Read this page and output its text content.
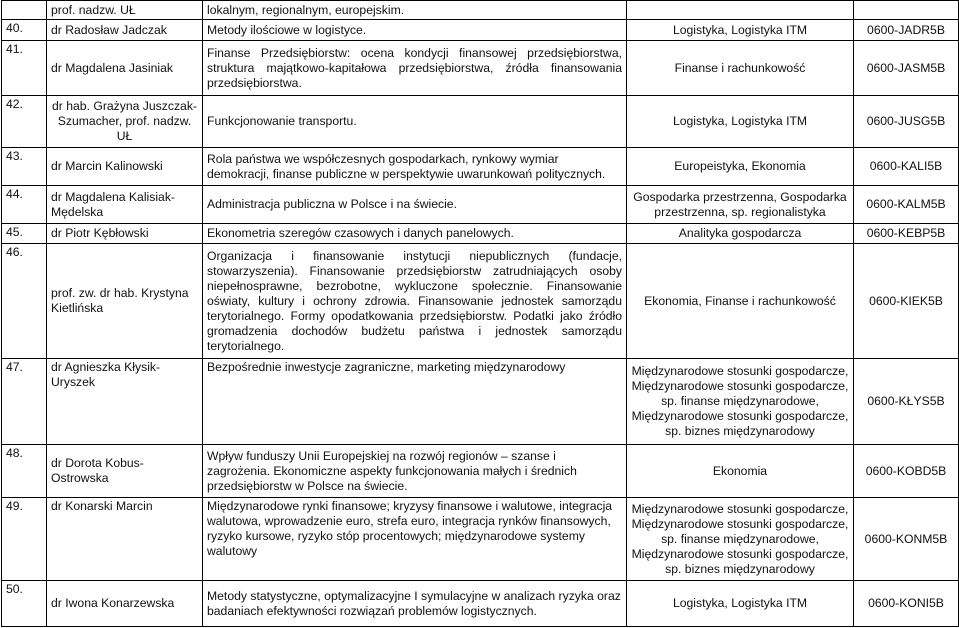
	prof. nadzw. UŁ	lokalnym, regionalnym, europejskim.		
40.	dr Radosław Jadczak	Metody ilościowe w logistyce.	Logistyka, Logistyka ITM	0600-JADR5B
41.	dr Magdalena Jasiniak	Finanse Przedsiębiorstw: ocena kondycji finansowej przedsiębiorstwa, struktura majątkowo-kapitałowa przedsiębiorstwa, źródła finansowania przedsiębiorstwa.	Finanse i rachunkowość	0600-JASM5B
42.	dr hab. Grażyna Juszczak-Szumacher, prof. nadzw. UŁ	Funkcjonowanie transportu.	Logistyka, Logistyka ITM	0600-JUSG5B
43.	dr Marcin Kalinowski	Rola państwa we współczesnych gospodarkach, rynkowy wymiar demokracji, finanse publiczne w perspektywie uwarunkowań politycznych.	Europeistyka, Ekonomia	0600-KALI5B
44.	dr Magdalena Kalisiak-Mędelska	Administracja publiczna w Polsce i na świecie.	Gospodarka przestrzenna, Gospodarka przestrzenna, sp. regionalistyka	0600-KALM5B
45.	dr Piotr Kębłowski	Ekonometria szeregów czasowych i danych panelowych.	Analityka gospodarcza	0600-KEBP5B
46.	prof. zw. dr hab. Krystyna Kietlińska	Organizacja i finansowanie instytucji niepublicznych (fundacje, stowarzyszenia). Finansowanie przedsiębiorstw zatrudniających osoby niepełnosprawne, bezrobotne, wykluczone społecznie. Finansowanie oświaty, kultury i ochrony zdrowia. Finansowanie jednostek samorządu terytorialnego. Formy opodatkowania przedsiębiorstw. Podatki jako źródło gromadzenia dochodów budżetu państwa i jednostek samorządu terytorialnego.	Ekonomia, Finanse i rachunkowość	0600-KIEK5B
47.	dr Agnieszka Kłysik-Uryszek	Bezpośrednie inwestycje zagraniczne, marketing międzynarodowy	Międzynarodowe stosunki gospodarcze, Międzynarodowe stosunki gospodarcze, sp. finanse międzynarodowe, Międzynarodowe stosunki gospodarcze, sp. biznes międzynarodowy	0600-KŁYS5B
48.	dr Dorota Kobus-Ostrowska	Wpływ funduszy Unii Europejskiej na rozwój regionów – szanse i zagrożenia. Ekonomiczne aspekty funkcjonowania małych i średnich przedsiębiorstw w Polsce na świecie.	Ekonomia	0600-KOBD5B
49.	dr Konarski Marcin	Międzynarodowe rynki finansowe; kryzysy finansowe i walutowe, integracja walutowa, wprowadzenie euro, strefa euro, integracja rynków finansowych, ryzyko kursowe, ryzyko stóp procentowych; międzynarodowe systemy walutowy	Międzynarodowe stosunki gospodarcze, Międzynarodowe stosunki gospodarcze, sp. finanse międzynarodowe, Międzynarodowe stosunki gospodarcze, sp. biznes międzynarodowy	0600-KONM5B
50.	dr Iwona Konarzewska	Metody statystyczne, optymalizacyjne I symulacyjne w analizach ryzyka oraz badaniach efektywności rozwiązań problemów logistycznych.	Logistyka, Logistyka ITM	0600-KONI5B
